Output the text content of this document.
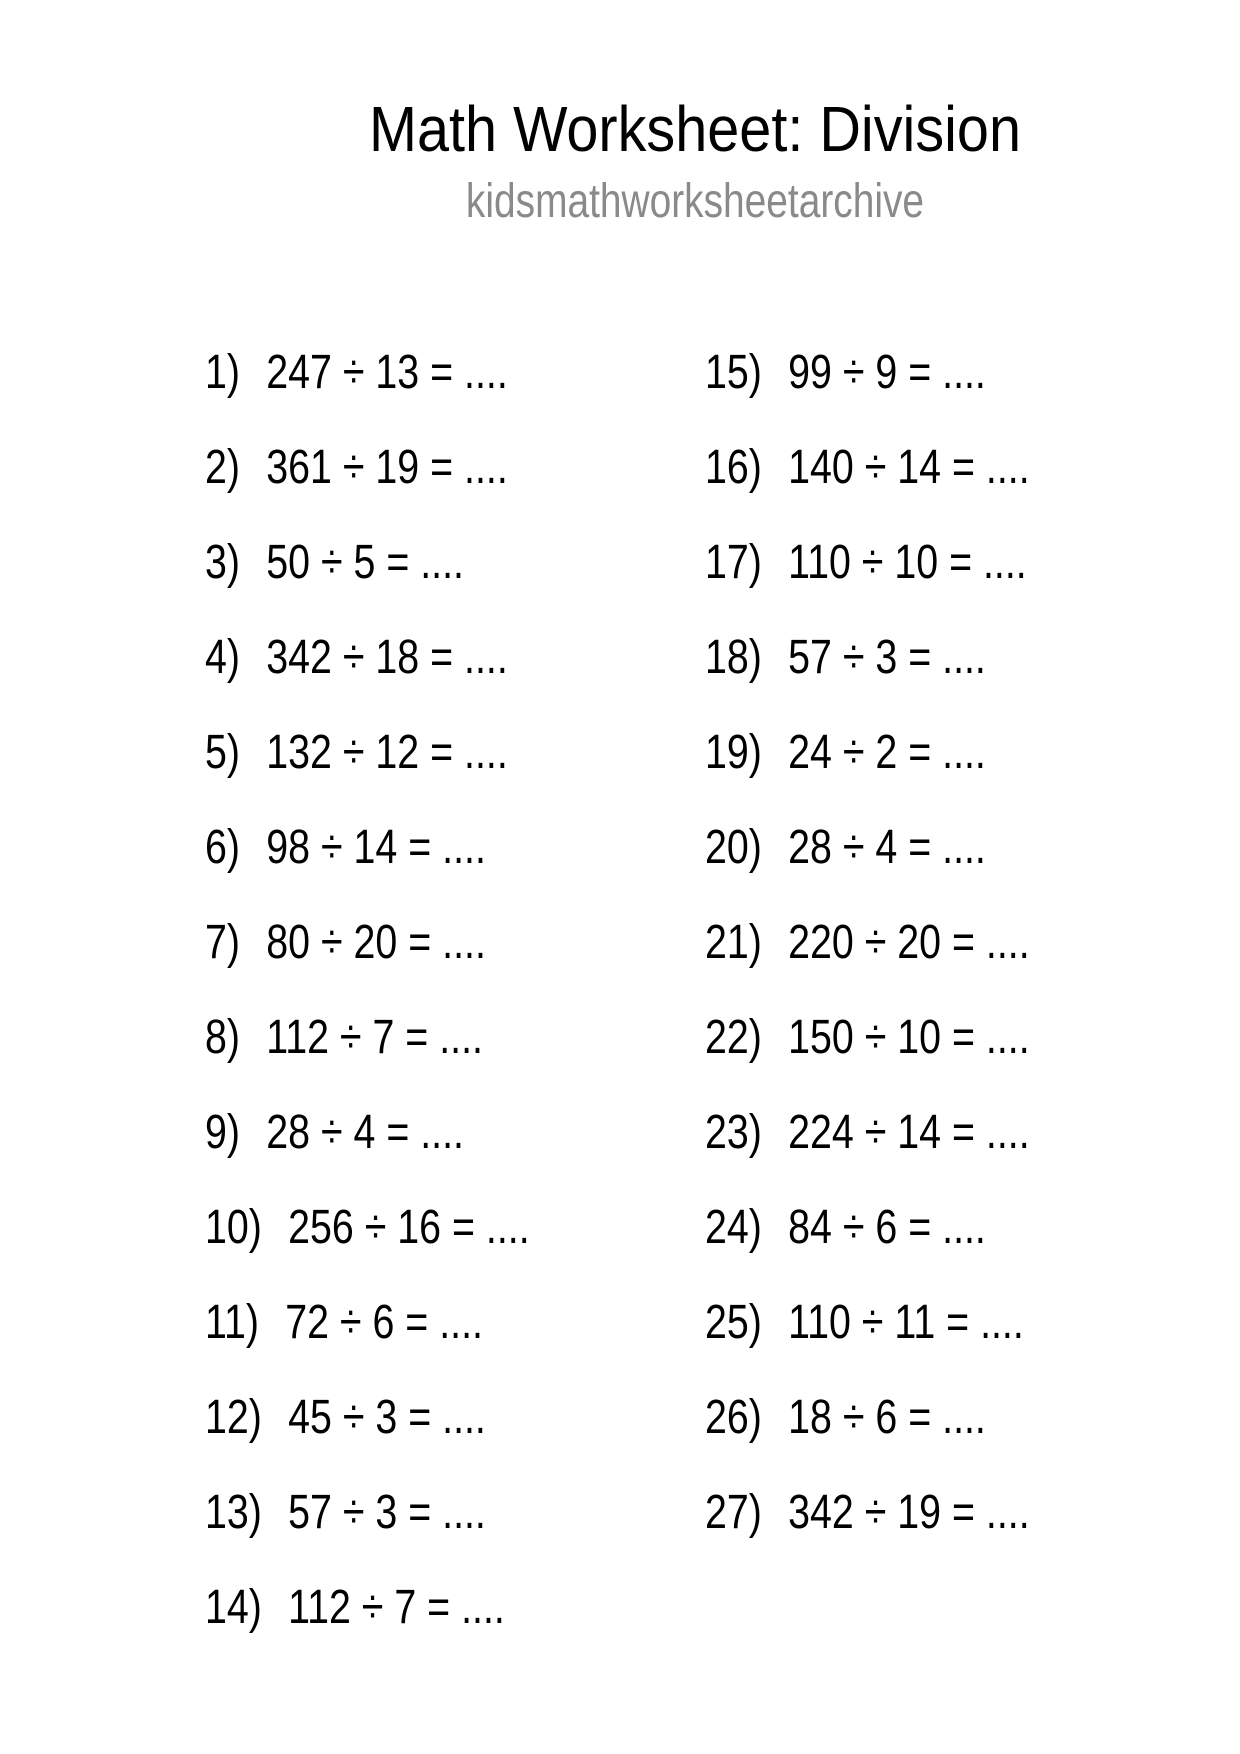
Math Worksheet: Division
kidsmathworksheetarchive
1) 247 ÷ 13 = ....
2) 361 ÷ 19 = ....
3) 50 ÷ 5 = ....
4) 342 ÷ 18 = ....
5) 132 ÷ 12 = ....
6) 98 ÷ 14 = ....
7) 80 ÷ 20 = ....
8) 112 ÷ 7 = ....
9) 28 ÷ 4 = ....
10) 256 ÷ 16 = ....
11) 72 ÷ 6 = ....
12) 45 ÷ 3 = ....
13) 57 ÷ 3 = ....
14) 112 ÷ 7 = ....
15) 99 ÷ 9 = ....
16) 140 ÷ 14 = ....
17) 110 ÷ 10 = ....
18) 57 ÷ 3 = ....
19) 24 ÷ 2 = ....
20) 28 ÷ 4 = ....
21) 220 ÷ 20 = ....
22) 150 ÷ 10 = ....
23) 224 ÷ 14 = ....
24) 84 ÷ 6 = ....
25) 110 ÷ 11 = ....
26) 18 ÷ 6 = ....
27) 342 ÷ 19 = ....
